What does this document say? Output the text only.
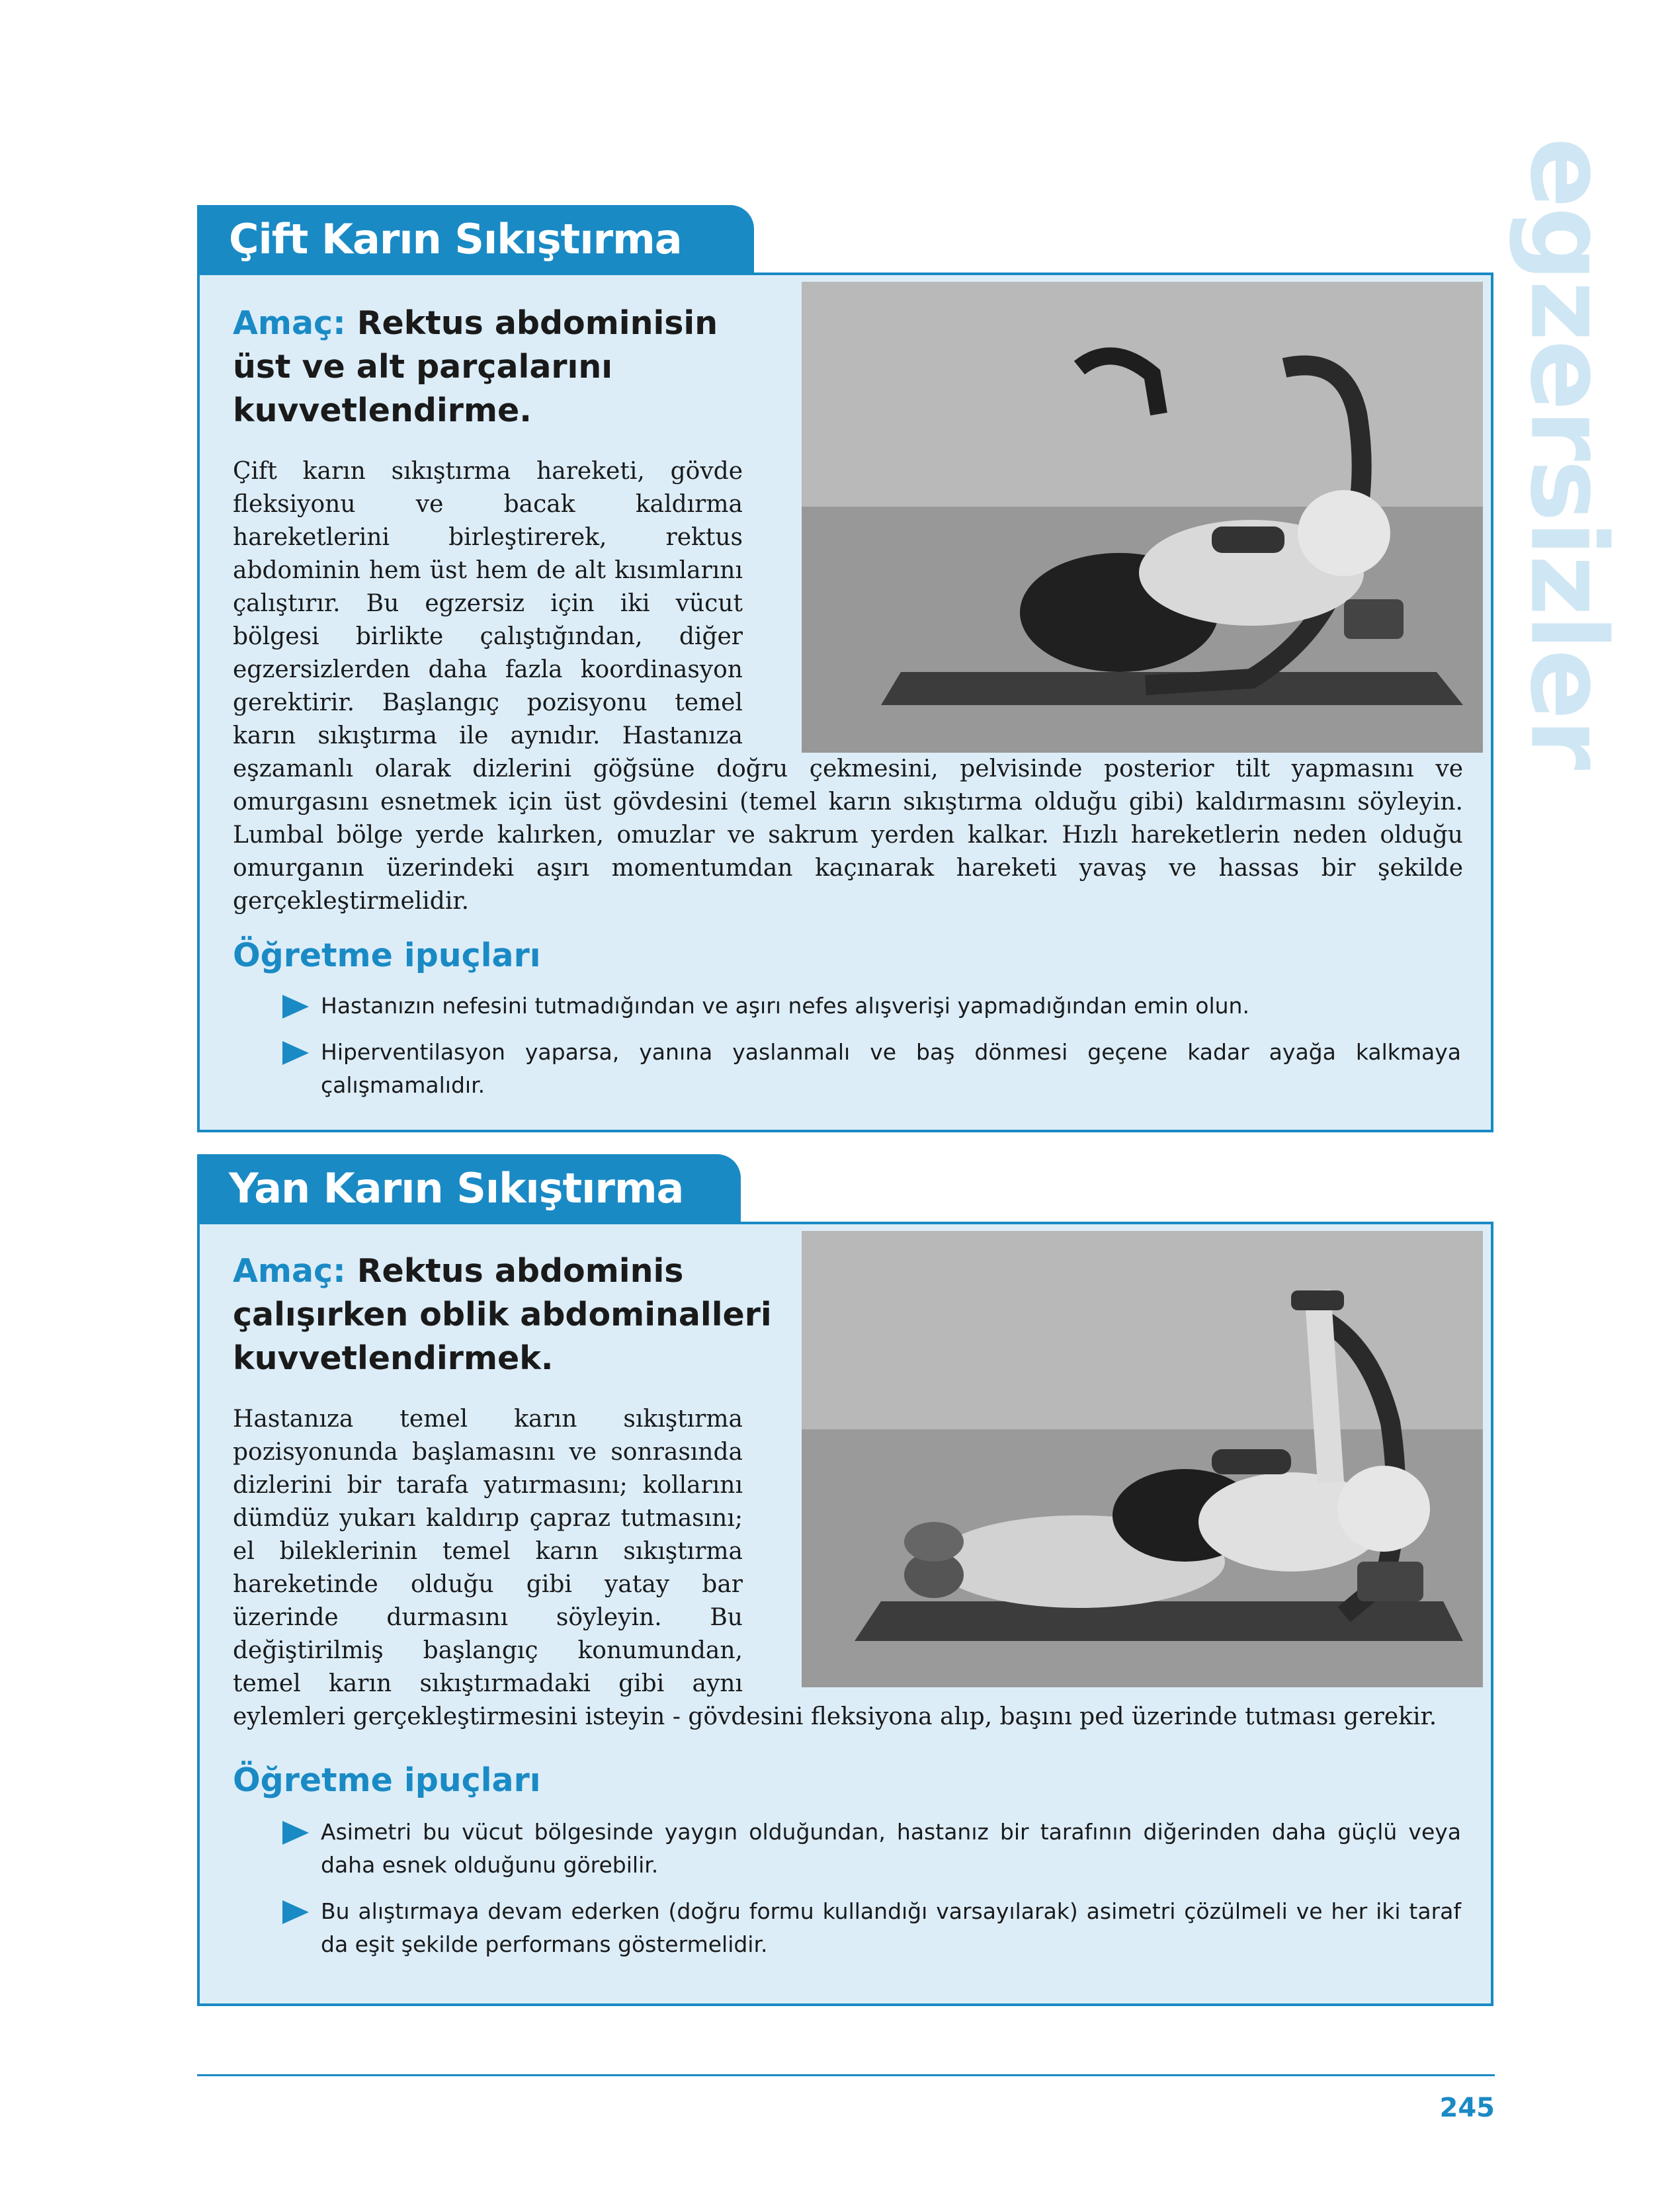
egzersizler
Çift Karın Sıkıştırma
Amaç: Rektus abdominisin üst ve alt parçalarını kuvvetlendirme.
Çift karın sıkıştırma hareketi, gövde fleksiyonu ve bacak kaldırma hareketlerini birleştirerek, rektus abdominin hem üst hem de alt kısımlarını çalıştırır. Bu egzersiz için iki vücut bölgesi birlikte çalıştığından, diğer egzersizlerden daha fazla koordinasyon gerektirir. Başlangıç pozisyonu temel karın sıkıştırma ile aynıdır. Hastanıza eşzamanlı olarak dizlerini göğsüne doğru çekmesini, pelvisinde posterior tilt yapmasını ve omurgasını esnetmek için üst gövdesini (temel karın sıkıştırma olduğu gibi) kaldırmasını söyleyin. Lumbal bölge yerde kalırken, omuzlar ve sakrum yerden kalkar. Hızlı hareketlerin neden olduğu omurganın üzerindeki aşırı momentumdan kaçınarak hareketi yavaş ve hassas bir şekilde gerçekleştirmelidir.
Öğretme ipuçları
Hastanızın nefesini tutmadığından ve aşırı nefes alışverişi yapmadığından emin olun.
Hiperventilasyon yaparsa, yanına yaslanmalı ve baş dönmesi geçene kadar ayağa kalkmaya çalışmamalıdır.
Yan Karın Sıkıştırma
Amaç: Rektus abdominis çalışırken oblik abdominalleri kuvvetlendirmek.
Hastanıza temel karın sıkıştırma pozisyonunda başlamasını ve sonrasında dizlerini bir tarafa yatırmasını; kollarını dümdüz yukarı kaldırıp çapraz tutmasını; el bileklerinin temel karın sıkıştırma hareketinde olduğu gibi yatay bar üzerinde durmasını söyleyin. Bu değiştirilmiş başlangıç konumundan, temel karın sıkıştırmadaki gibi aynı eylemleri gerçekleştirmesini isteyin - gövdesini fleksiyona alıp, başını ped üzerinde tutması gerekir.
Öğretme ipuçları
Asimetri bu vücut bölgesinde yaygın olduğundan, hastanız bir tarafının diğerinden daha güçlü veya daha esnek olduğunu görebilir.
Bu alıştırmaya devam ederken (doğru formu kullandığı varsayılarak) asimetri çözülmeli ve her iki taraf da eşit şekilde performans göstermelidir.
245
